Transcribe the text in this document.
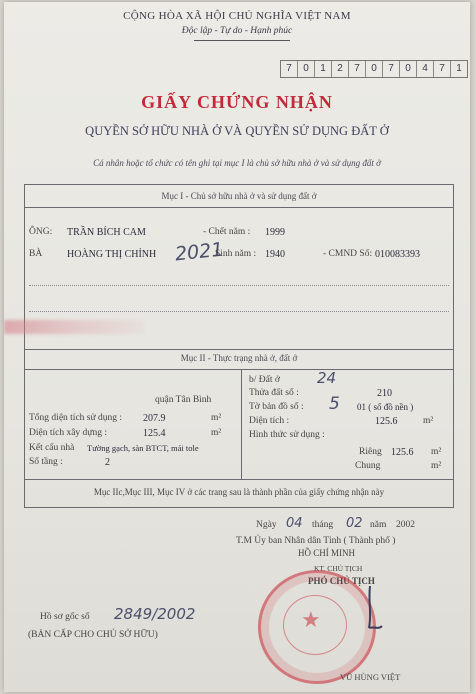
CỘNG HÒA XÃ HỘI CHỦ NGHĨA VIỆT NAM
Độc lập - Tự do - Hạnh phúc
7	0	1	2	7	0	7	0	4	7	1
GIẤY CHỨNG NHẬN
QUYỀN SỞ HỮU NHÀ Ở VÀ QUYỀN SỬ DỤNG ĐẤT Ở
Cá nhân hoặc tổ chức có tên ghi tại mục I là chủ sở hữu nhà ở và sử dụng đất ở
Mục I - Chủ sở hữu nhà ở và sử dụng đất ở
ÔNG: TRẦN BÍCH CAM	- Chết năm : 1999
BÀ HOÀNG THỊ CHỈNH 2021
Sinh năm : 1940	- CMND Số: 010083393
Mục II - Thực trạng nhà ở, đất ở
quận Tân Bình
Tổng diện tích sử dụng : 207.9	m²
Diện tích xây dựng :	125.4	m²
Kết cấu nhà Tường gạch, sàn BTCT, mái tole
Số tầng :	2
b/ Đất ở 24
Thửa đất số :	210
Tờ bản đồ số : 5 01 ( số đồ nền )
Diện tích :	125.6	m²
Hình thức sử dụng :
Riêng 125.6 m²
Chung	m²
Mục IIc,Mục III, Mục IV ở các trang sau là thành phần của giấy chứng nhận này
Ngày 04 tháng 02 năm 2002
T.M Ủy ban Nhân dân Tỉnh ( Thành phố )
HỒ CHÍ MINH
KT. CHỦ TỊCH
PHÓ CHỦ TỊCH
★
VŨ HÙNG VIỆT
Hồ sơ gốc số 2849/2002
(BẢN CẤP CHO CHỦ SỞ HỮU)
